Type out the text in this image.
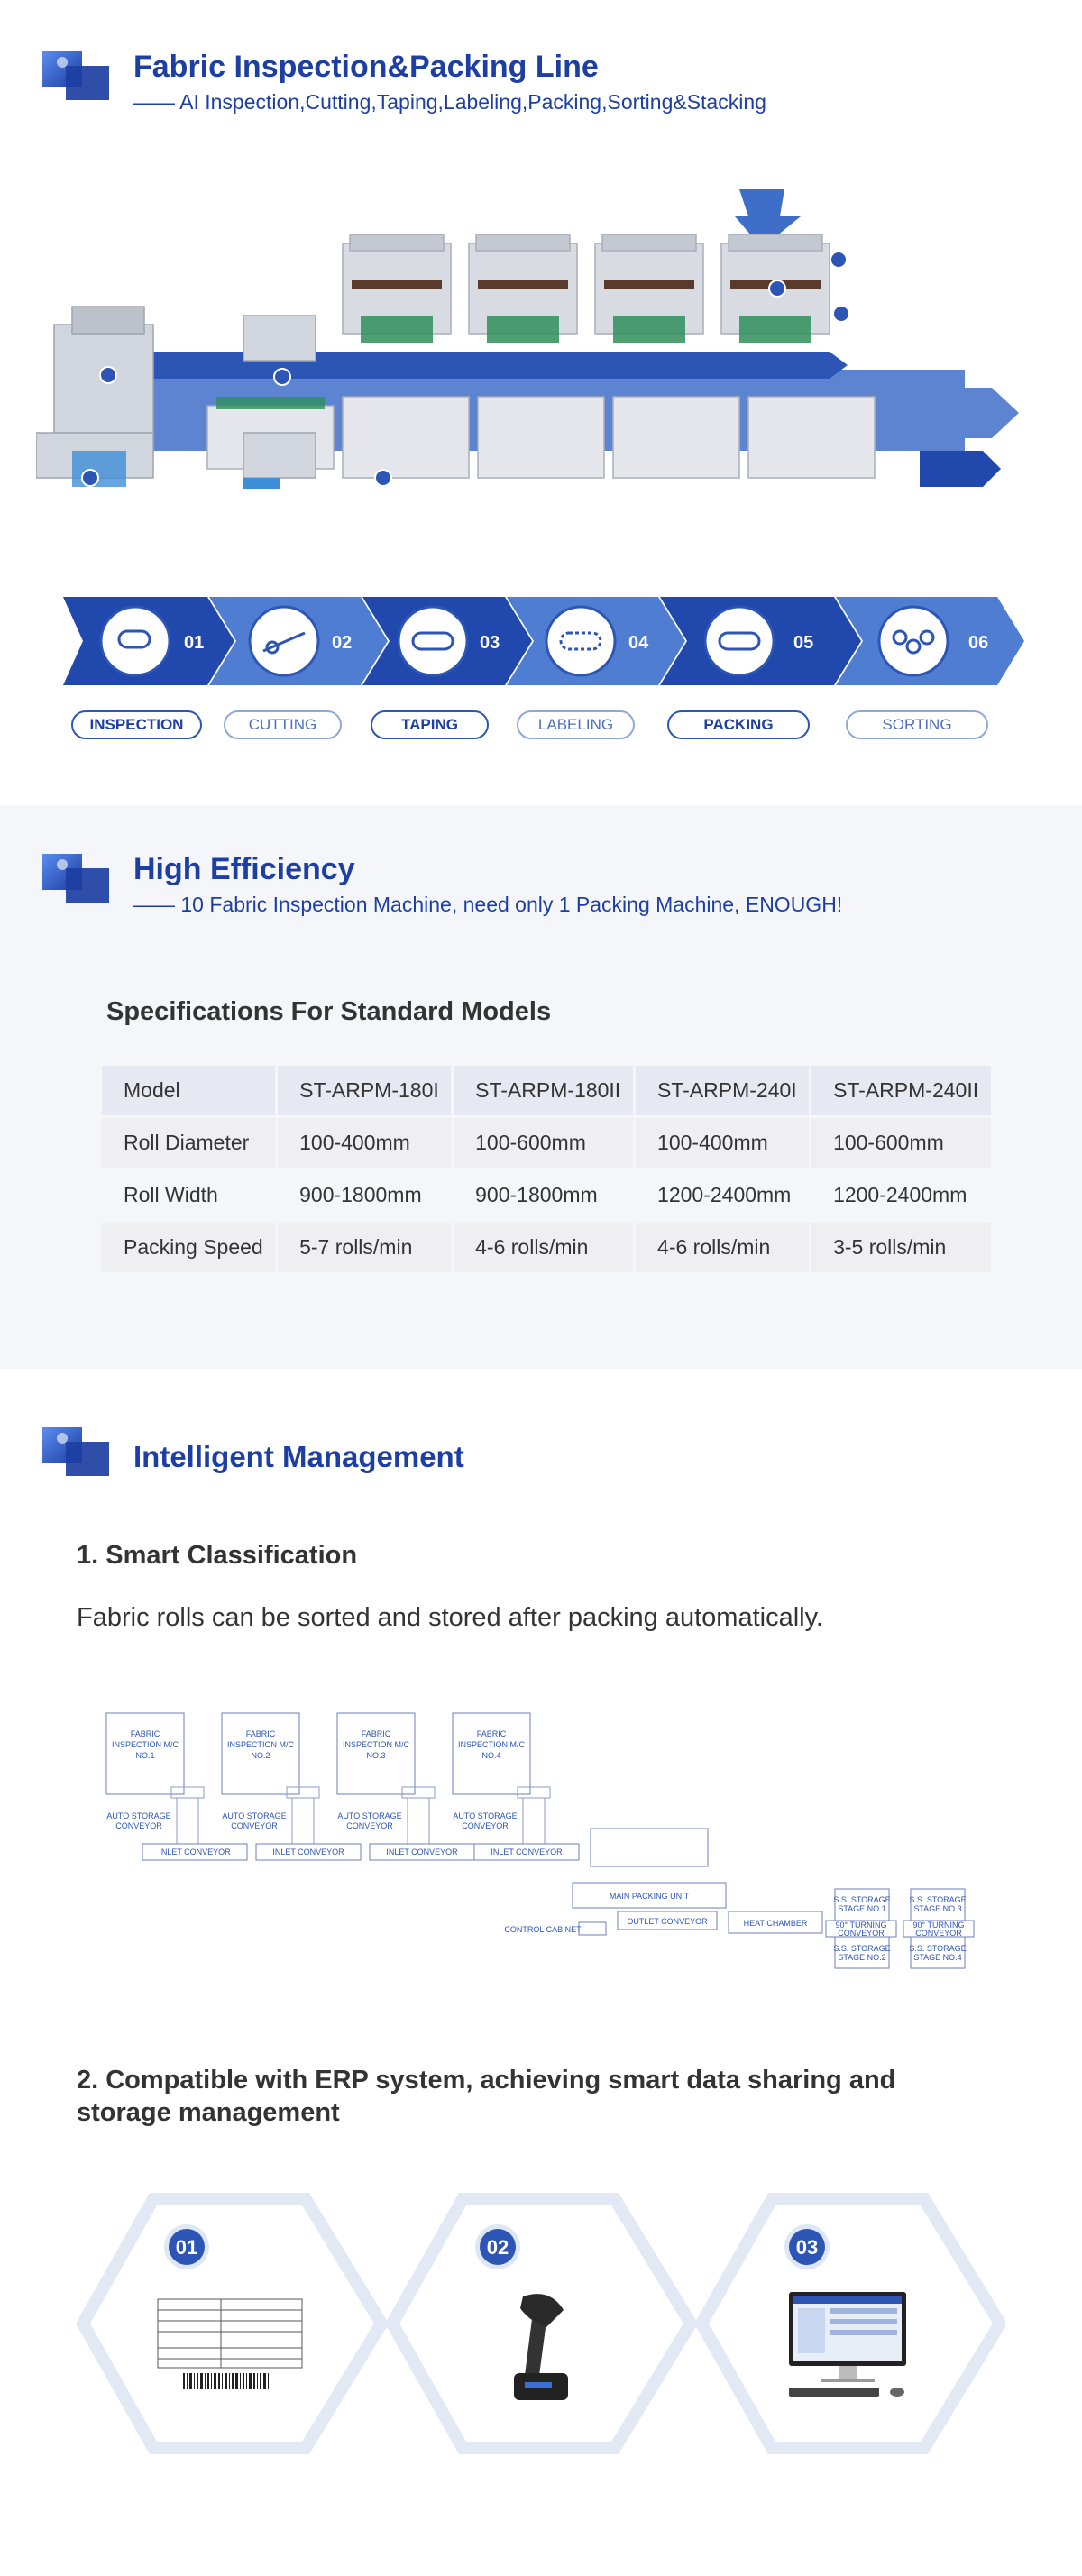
Fabric Inspection&Packing Line

—— AI Inspection,Cutting,Taping,Labeling,Packing,Sorting&Stacking

01	02	03	04	05	06
INSPECTION	CUTTING	TAPING	LABELING	PACKING	SORTING
High Efficiency

—— 10 Fabric Inspection Machine, need only 1 Packing Machine, ENOUGH!

Specifications For Standard Models
Model	ST-ARPM-180I	ST-ARPM-180II	ST-ARPM-240I	ST-ARPM-240II
Roll Diameter	100-400mm	100-600mm	100-400mm	100-600mm
Roll Width	900-1800mm	900-1800mm	1200-2400mm	1200-2400mm
Packing Speed	5-7 rolls/min	4-6 rolls/min	4-6 rolls/min	3-5 rolls/min
Intelligent Management
1. Smart Classification

Fabric rolls can be sorted and stored after packing automatically.

FABRIC
INSPECTION M/C
NO.1
FABRIC
INSPECTION M/C
NO.2
FABRIC
INSPECTION M/C
NO.3
FABRIC
INSPECTION M/C
NO.4
AUTO STORAGE
CONVEYOR
AUTO STORAGE
CONVEYOR
AUTO STORAGE
CONVEYOR
AUTO STORAGE
CONVEYOR
INLET CONVEYOR	INLET CONVEYOR	INLET CONVEYOR	INLET CONVEYOR
MAIN PACKING UNIT
OUTLET CONVEYOR	HEAT CHAMBER
CONTROL CABINET
S.S. STORAGE
STAGE NO.1
S.S. STORAGE
STAGE NO.3
90° TURNING
CONVEYOR
90° TURNING
CONVEYOR
S.S. STORAGE
STAGE NO.2
S.S. STORAGE
STAGE NO.4
2. Compatible with ERP system, achieving smart data sharing and
storage management
01	02	03
